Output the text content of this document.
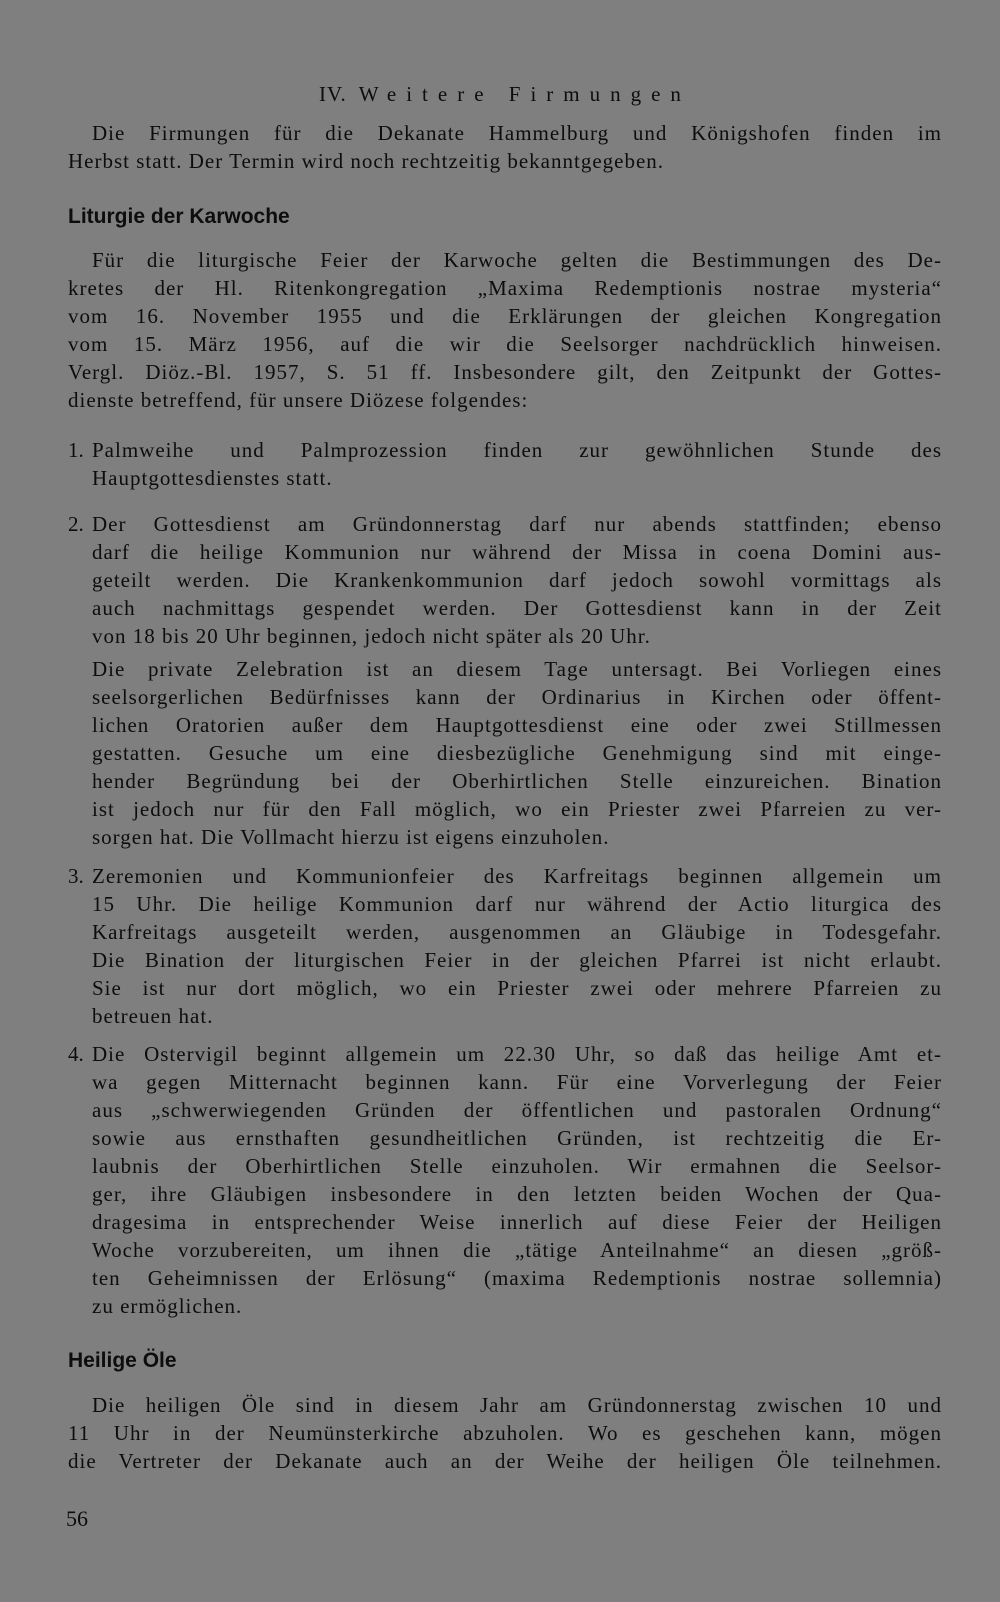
IV. Weitere Firmungen
Die Firmungen für die Dekanate Hammelburg und Königshofen finden im
Herbst statt. Der Termin wird noch rechtzeitig bekanntgegeben.
Liturgie der Karwoche
Für die liturgische Feier der Karwoche gelten die Bestimmungen des De-
kretes der Hl. Ritenkongregation „Maxima Redemptionis nostrae mysteria“
vom 16. November 1955 und die Erklärungen der gleichen Kongregation
vom 15. März 1956, auf die wir die Seelsorger nachdrücklich hinweisen.
Vergl. Diöz.-Bl. 1957, S. 51 ff. Insbesondere gilt, den Zeitpunkt der Gottes-
dienste betreffend, für unsere Diözese folgendes:
1. Palmweihe und Palmprozession finden zur gewöhnlichen Stunde des
Hauptgottesdienstes statt.
2. Der Gottesdienst am Gründonnerstag darf nur abends stattfinden; ebenso
darf die heilige Kommunion nur während der Missa in coena Domini aus-
geteilt werden. Die Krankenkommunion darf jedoch sowohl vormittags als
auch nachmittags gespendet werden. Der Gottesdienst kann in der Zeit
von 18 bis 20 Uhr beginnen, jedoch nicht später als 20 Uhr.
Die private Zelebration ist an diesem Tage untersagt. Bei Vorliegen eines
seelsorgerlichen Bedürfnisses kann der Ordinarius in Kirchen oder öffent-
lichen Oratorien außer dem Hauptgottesdienst eine oder zwei Stillmessen
gestatten. Gesuche um eine diesbezügliche Genehmigung sind mit einge-
hender Begründung bei der Oberhirtlichen Stelle einzureichen. Bination
ist jedoch nur für den Fall möglich, wo ein Priester zwei Pfarreien zu ver-
sorgen hat. Die Vollmacht hierzu ist eigens einzuholen.
3. Zeremonien und Kommunionfeier des Karfreitags beginnen allgemein um
15 Uhr. Die heilige Kommunion darf nur während der Actio liturgica des
Karfreitags ausgeteilt werden, ausgenommen an Gläubige in Todesgefahr.
Die Bination der liturgischen Feier in der gleichen Pfarrei ist nicht erlaubt.
Sie ist nur dort möglich, wo ein Priester zwei oder mehrere Pfarreien zu
betreuen hat.
4. Die Ostervigil beginnt allgemein um 22.30 Uhr, so daß das heilige Amt et-
wa gegen Mitternacht beginnen kann. Für eine Vorverlegung der Feier
aus „schwerwiegenden Gründen der öffentlichen und pastoralen Ordnung“
sowie aus ernsthaften gesundheitlichen Gründen, ist rechtzeitig die Er-
laubnis der Oberhirtlichen Stelle einzuholen. Wir ermahnen die Seelsor-
ger, ihre Gläubigen insbesondere in den letzten beiden Wochen der Qua-
dragesima in entsprechender Weise innerlich auf diese Feier der Heiligen
Woche vorzubereiten, um ihnen die „tätige Anteilnahme“ an diesen „größ-
ten Geheimnissen der Erlösung“ (maxima Redemptionis nostrae sollemnia)
zu ermöglichen.
Heilige Öle
Die heiligen Öle sind in diesem Jahr am Gründonnerstag zwischen 10 und
11 Uhr in der Neumünsterkirche abzuholen. Wo es geschehen kann, mögen
die Vertreter der Dekanate auch an der Weihe der heiligen Öle teilnehmen.
56
